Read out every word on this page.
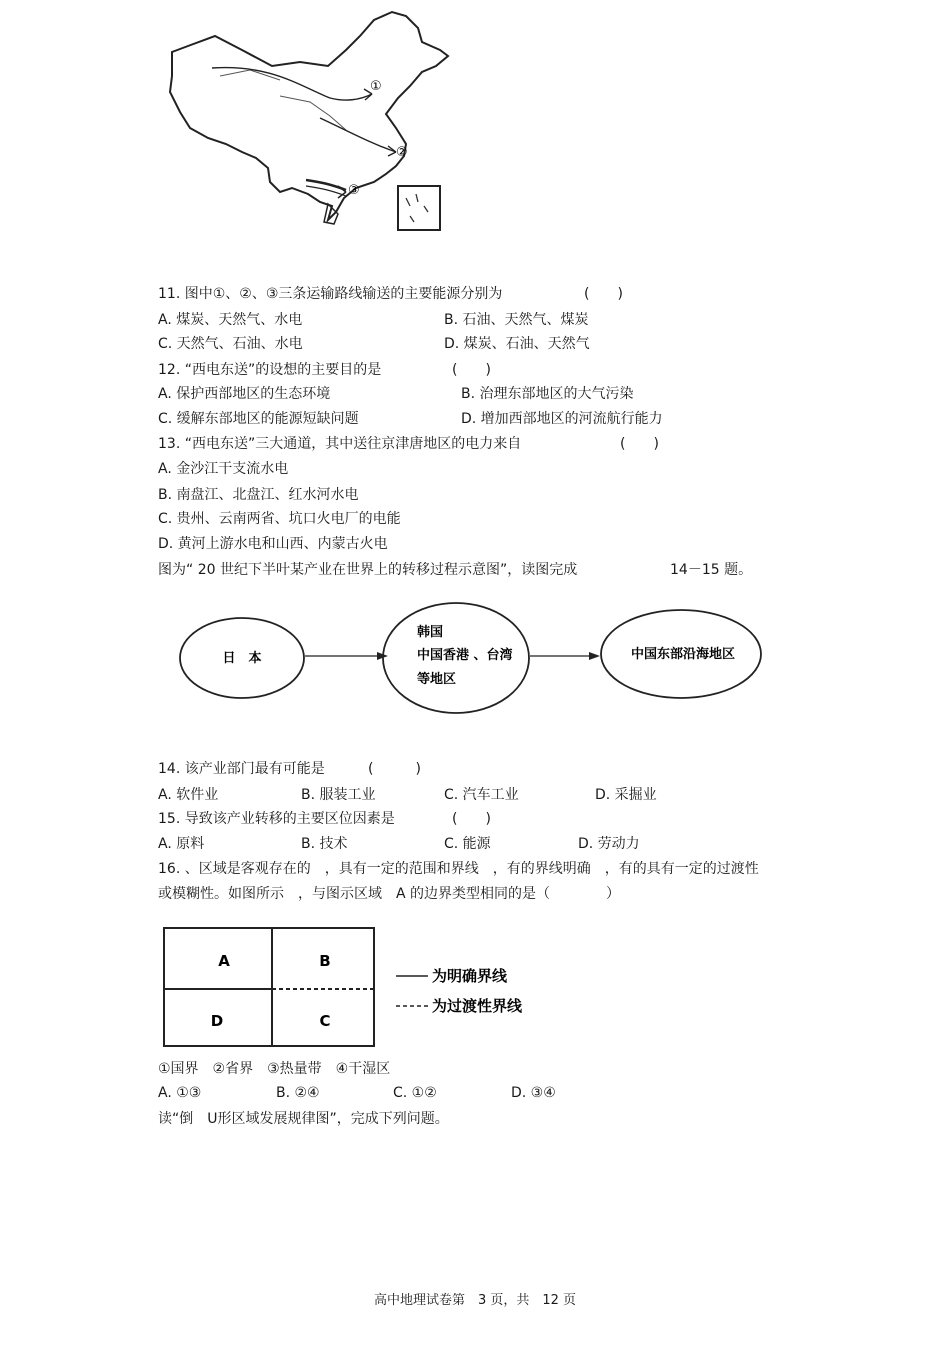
①
②
③
11. 图中①、②、③三条运输路线输送的主要能源分别为	(　　)
A. 煤炭、天然气、水电	B. 石油、天然气、煤炭
C. 天然气、石油、水电	D. 煤炭、石油、天然气
12. “西电东送”的设想的主要目的是	(　　)
A. 保护西部地区的生态环境	B. 治理东部地区的大气污染
C. 缓解东部地区的能源短缺问题	D. 增加西部地区的河流航行能力
13. “西电东送”三大通道，其中送往京津唐地区的电力来自	(　　)
A. 金沙江干支流水电
B. 南盘江、北盘江、红水河水电
C. 贵州、云南两省、坑口火电厂的电能
D. 黄河上游水电和山西、内蒙古火电
图为“ 20 世纪下半叶某产业在世界上的转移过程示意图”，读图完成	14－15 题。
日　本
韩国
中国香港 、台湾
等地区
中国东部沿海地区
14. 该产业部门最有可能是	(　　　)
A. 软件业	B. 服装工业	C. 汽车工业	D. 采掘业
15. 导致该产业转移的主要区位因素是	(　　)
A. 原料	B. 技术	C. 能源	D. 劳动力
16. 、区域是客观存在的　，具有一定的范围和界线　，有的界线明确　，有的具有一定的过渡性
或模糊性。如图所示　，与图示区域　A 的边界类型相同的是（　　　　）
A	B
D	C
为明确界线
为过渡性界线
①国界　②省界　③热量带　④干湿区
A. ①③	B. ②④	C. ①②	D. ③④
读“倒　U形区域发展规律图”，完成下列问题。
高中地理试卷第　3 页，共　12 页
